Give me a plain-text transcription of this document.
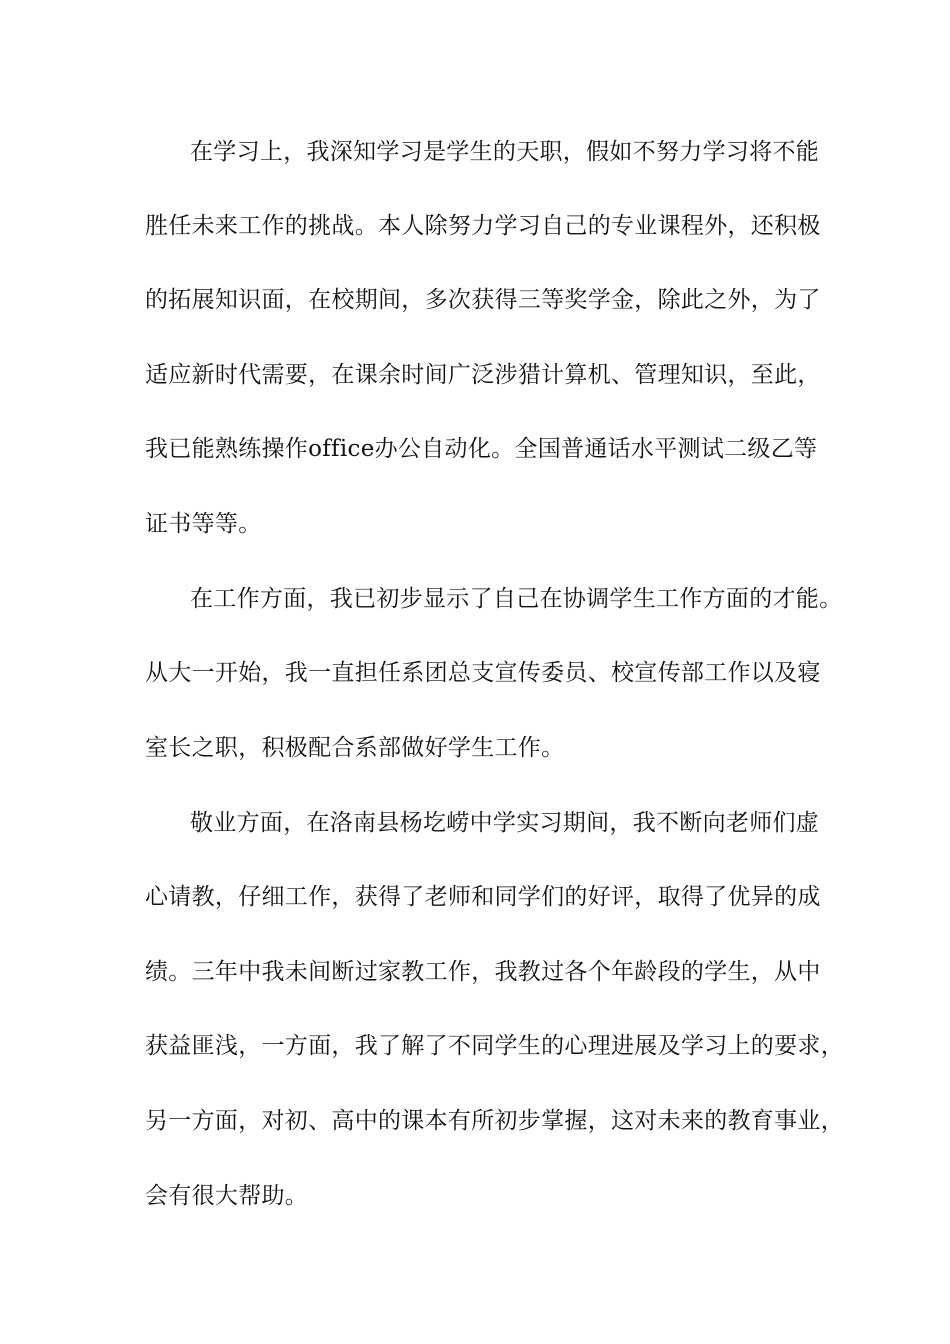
在学习上，我深知学习是学生的天职，假如不努力学习将不能
胜任未来工作的挑战。本人除努力学习自己的专业课程外，还积极
的拓展知识面，在校期间，多次获得三等奖学金，除此之外，为了
适应新时代需要，在课余时间广泛涉猎计算机、管理知识，至此，
我已能熟练操作office办公自动化。全国普通话水平测试二级乙等
证书等等。
在工作方面，我已初步显示了自己在协调学生工作方面的才能。
从大一开始，我一直担任系团总支宣传委员、校宣传部工作以及寝
室长之职，积极配合系部做好学生工作。
敬业方面，在洛南县杨圪崂中学实习期间，我不断向老师们虚
心请教，仔细工作，获得了老师和同学们的好评，取得了优异的成
绩。三年中我未间断过家教工作，我教过各个年龄段的学生，从中
获益匪浅，一方面，我了解了不同学生的心理进展及学习上的要求，
另一方面，对初、高中的课本有所初步掌握，这对未来的教育事业，
会有很大帮助。
